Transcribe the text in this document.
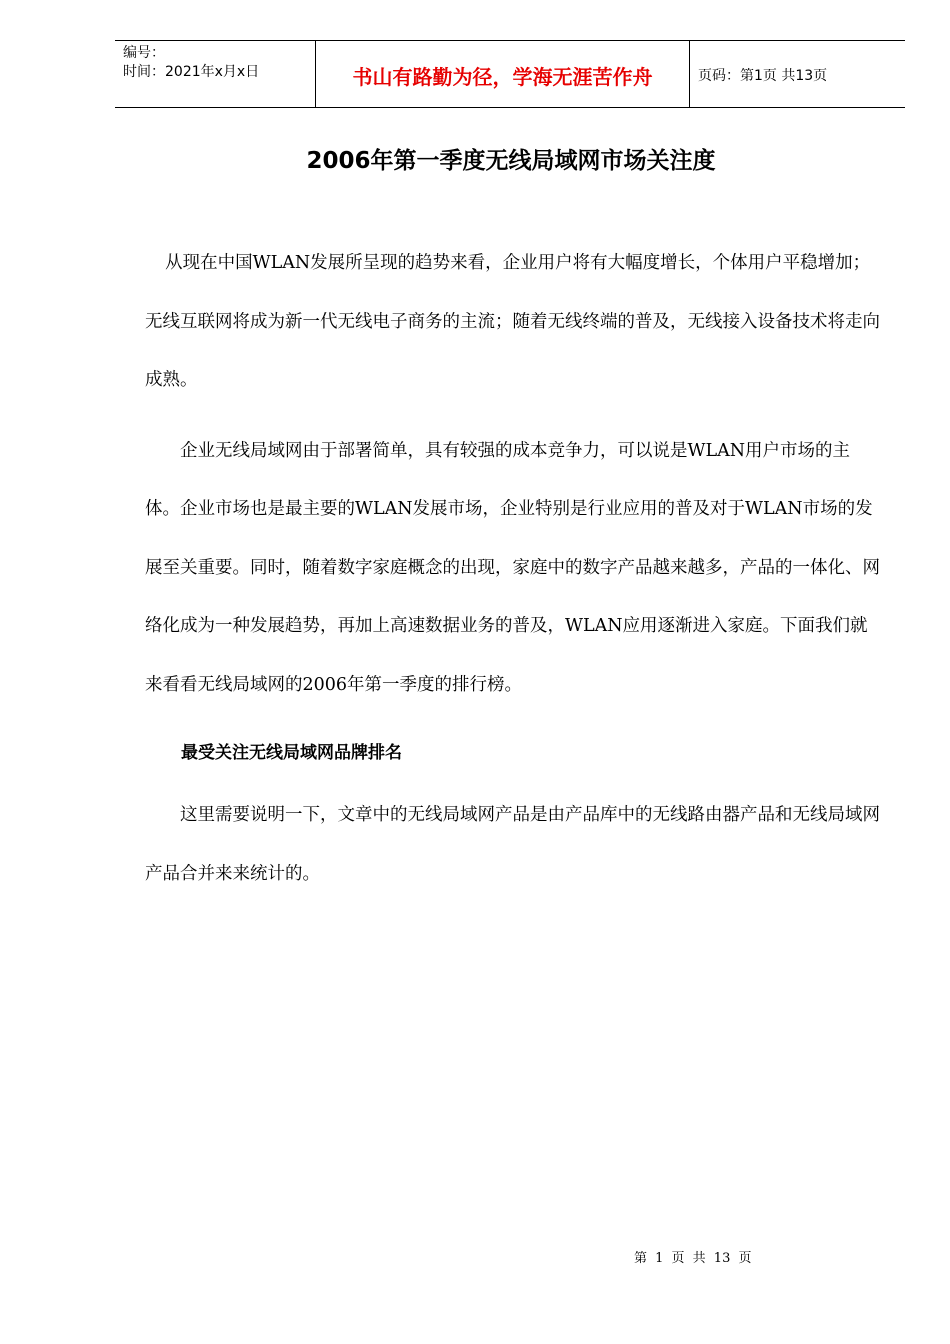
编号：
时间：2021年x月x日	书山有路勤为径，学海无涯苦作舟	页码：第1页 共13页
2006年第一季度无线局域网市场关注度

从现在中国WLAN发展所呈现的趋势来看，企业用户将有大幅度增长，个体用户平稳增加；无线互联网将成为新一代无线电子商务的主流；随着无线终端的普及，无线接入设备技术将走向成熟。

企业无线局域网由于部署简单，具有较强的成本竞争力，可以说是WLAN用户市场的主体。企业市场也是最主要的WLAN发展市场，企业特别是行业应用的普及对于WLAN市场的发展至关重要。同时，随着数字家庭概念的出现，家庭中的数字产品越来越多，产品的一体化、网络化成为一种发展趋势，再加上高速数据业务的普及，WLAN应用逐渐进入家庭。下面我们就来看看无线局域网的2006年第一季度的排行榜。

最受关注无线局域网品牌排名

这里需要说明一下，文章中的无线局域网产品是由产品库中的无线路由器产品和无线局域网产品合并来来统计的。

第 1 页 共 13 页
